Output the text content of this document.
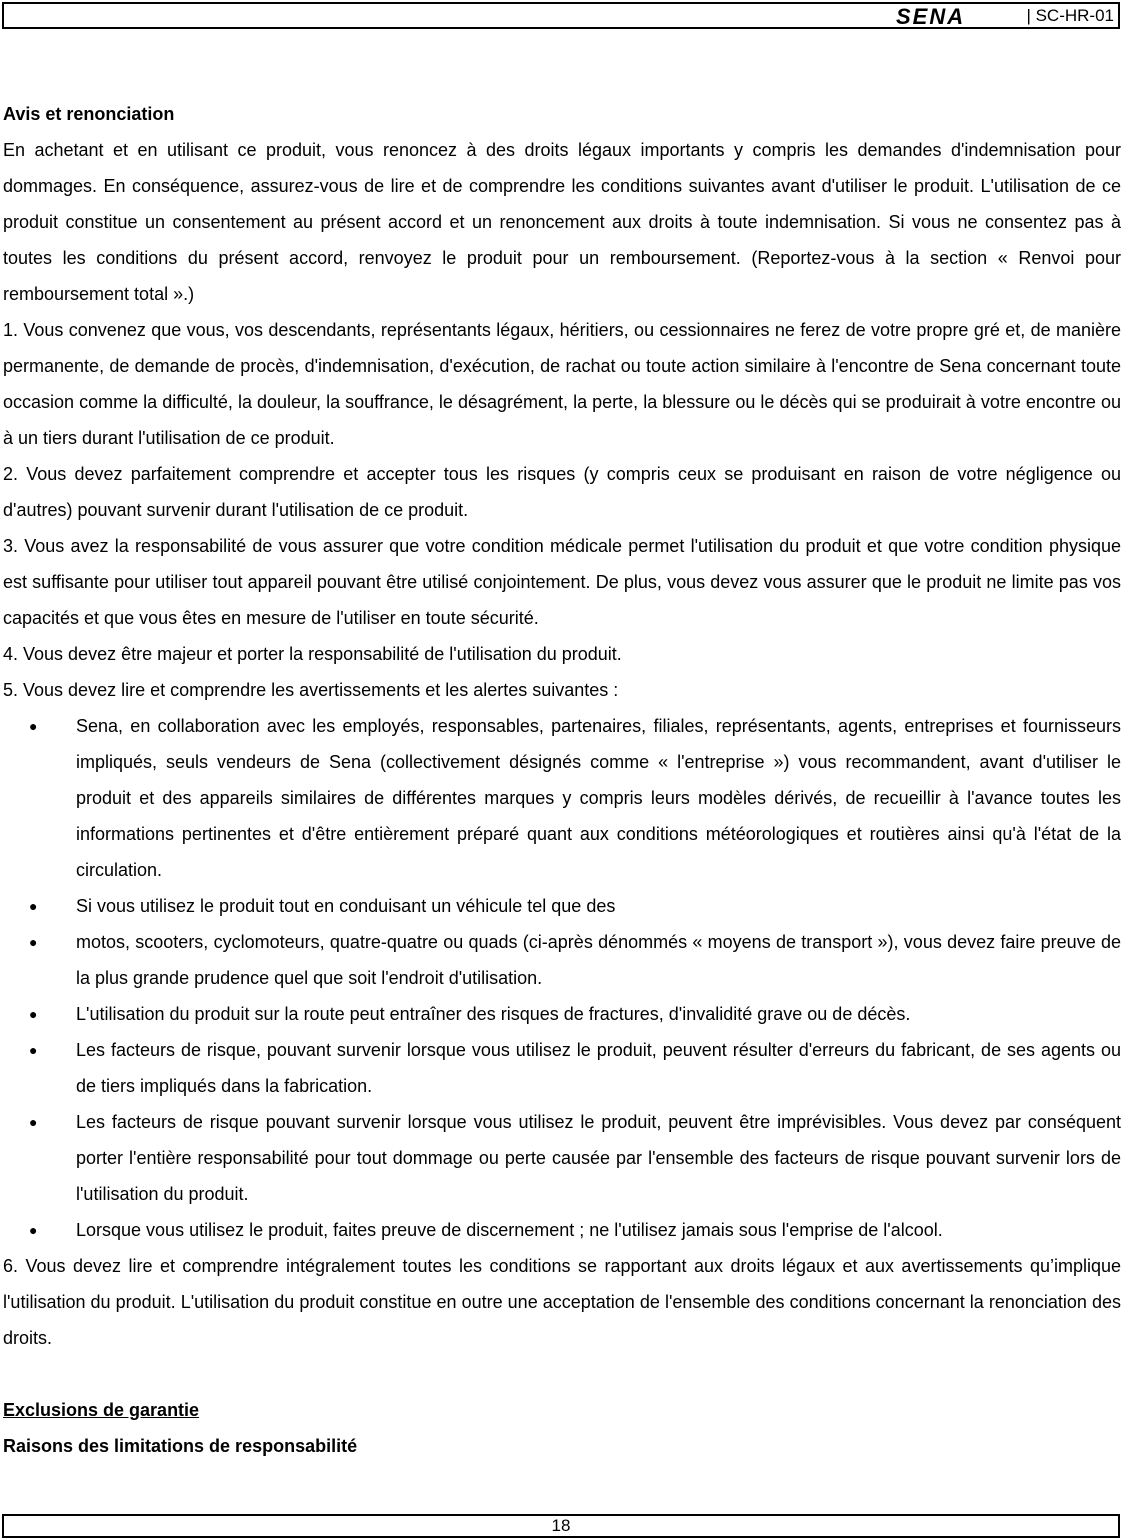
SENA	| SC-HR-01
Avis et renonciation

En achetant et en utilisant ce produit, vous renoncez à des droits légaux importants y compris les demandes d'indemnisation pour dommages. En conséquence, assurez-vous de lire et de comprendre les conditions suivantes avant d'utiliser le produit. L'utilisation de ce produit constitue un consentement au présent accord et un renoncement aux droits à toute indemnisation. Si vous ne consentez pas à toutes les conditions du présent accord, renvoyez le produit pour un remboursement. (Reportez-vous à la section « Renvoi pour remboursement total ».)

1. Vous convenez que vous, vos descendants, représentants légaux, héritiers, ou cessionnaires ne ferez de votre propre gré et, de manière permanente, de demande de procès, d'indemnisation, d'exécution, de rachat ou toute action similaire à l'encontre de Sena concernant toute occasion comme la difficulté, la douleur, la souffrance, le désagrément, la perte, la blessure ou le décès qui se produirait à votre encontre ou à un tiers durant l'utilisation de ce produit.

2. Vous devez parfaitement comprendre et accepter tous les risques (y compris ceux se produisant en raison de votre négligence ou d'autres) pouvant survenir durant l'utilisation de ce produit.

3. Vous avez la responsabilité de vous assurer que votre condition médicale permet l'utilisation du produit et que votre condition physique est suffisante pour utiliser tout appareil pouvant être utilisé conjointement. De plus, vous devez vous assurer que le produit ne limite pas vos capacités et que vous êtes en mesure de l'utiliser en toute sécurité.

4. Vous devez être majeur et porter la responsabilité de l'utilisation du produit.

5. Vous devez lire et comprendre les avertissements et les alertes suivantes :

● Sena, en collaboration avec les employés, responsables, partenaires, filiales, représentants, agents, entreprises et fournisseurs impliqués, seuls vendeurs de Sena (collectivement désignés comme « l'entreprise ») vous recommandent, avant d'utiliser le produit et des appareils similaires de différentes marques y compris leurs modèles dérivés, de recueillir à l'avance toutes les informations pertinentes et d'être entièrement préparé quant aux conditions météorologiques et routières ainsi qu'à l'état de la circulation.
● Si vous utilisez le produit tout en conduisant un véhicule tel que des
● motos, scooters, cyclomoteurs, quatre-quatre ou quads (ci-après dénommés « moyens de transport »), vous devez faire preuve de la plus grande prudence quel que soit l'endroit d'utilisation.
● L'utilisation du produit sur la route peut entraîner des risques de fractures, d'invalidité grave ou de décès.
● Les facteurs de risque, pouvant survenir lorsque vous utilisez le produit, peuvent résulter d'erreurs du fabricant, de ses agents ou de tiers impliqués dans la fabrication.
● Les facteurs de risque pouvant survenir lorsque vous utilisez le produit, peuvent être imprévisibles. Vous devez par conséquent porter l'entière responsabilité pour tout dommage ou perte causée par l'ensemble des facteurs de risque pouvant survenir lors de l'utilisation du produit.
● Lorsque vous utilisez le produit, faites preuve de discernement ; ne l'utilisez jamais sous l'emprise de l'alcool.

6. Vous devez lire et comprendre intégralement toutes les conditions se rapportant aux droits légaux et aux avertissements qu’implique l'utilisation du produit. L'utilisation du produit constitue en outre une acceptation de l'ensemble des conditions concernant la renonciation des droits.

Exclusions de garantie
Raisons des limitations de responsabilité
18
